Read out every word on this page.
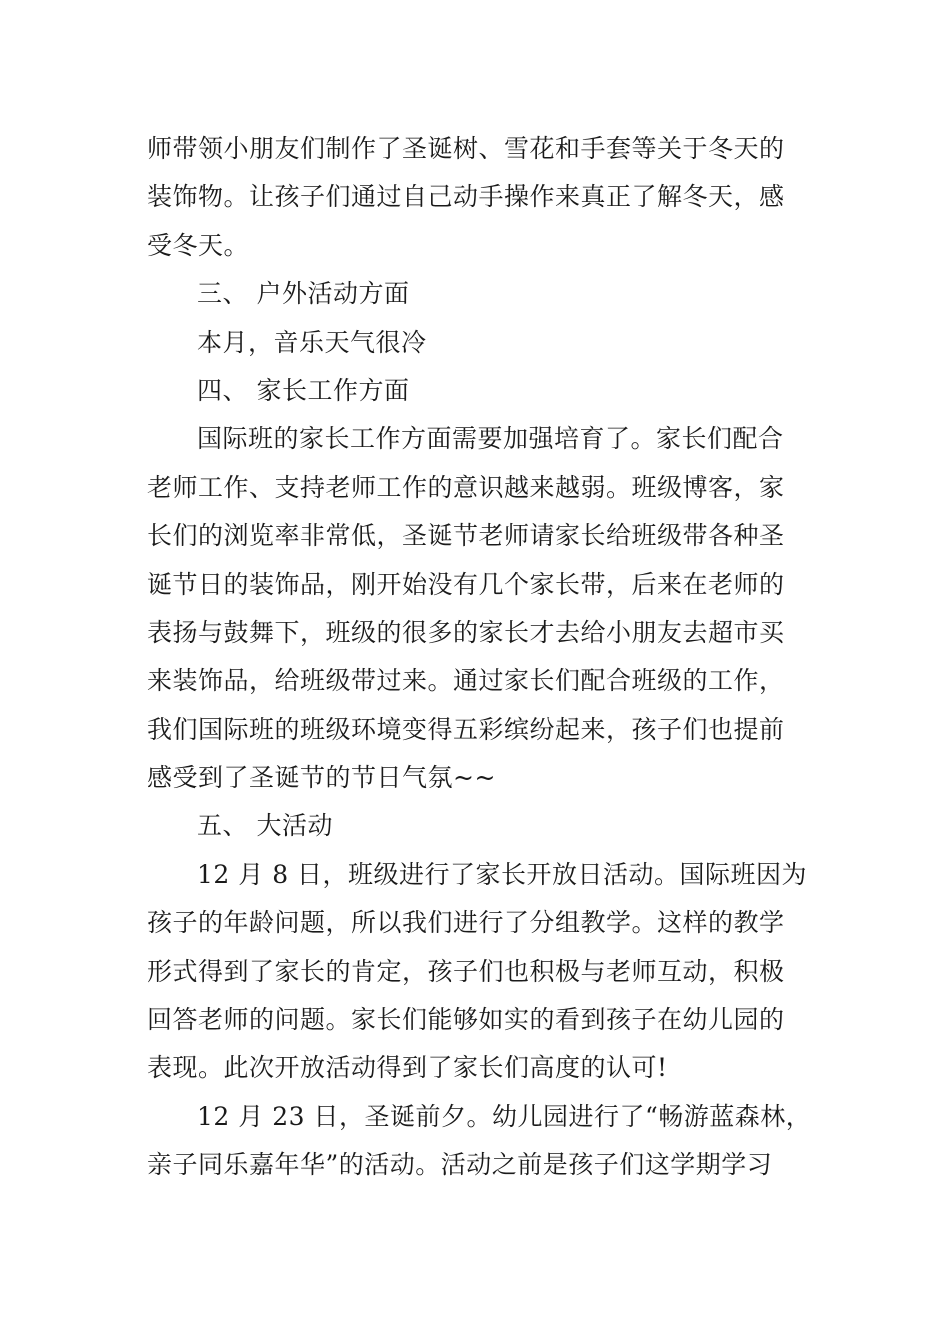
师带领小朋友们制作了圣诞树、雪花和手套等关于冬天的
装饰物。让孩子们通过自己动手操作来真正了解冬天，感
受冬天。
三、 户外活动方面
本月，音乐天气很冷
四、 家长工作方面
国际班的家长工作方面需要加强培育了。家长们配合
老师工作、支持老师工作的意识越来越弱。班级博客，家
长们的浏览率非常低，圣诞节老师请家长给班级带各种圣
诞节日的装饰品，刚开始没有几个家长带，后来在老师的
表扬与鼓舞下，班级的很多的家长才去给小朋友去超市买
来装饰品，给班级带过来。通过家长们配合班级的工作，
我们国际班的班级环境变得五彩缤纷起来，孩子们也提前
感受到了圣诞节的节日气氛~~
五、 大活动
12 月 8 日，班级进行了家长开放日活动。国际班因为
孩子的年龄问题，所以我们进行了分组教学。这样的教学
形式得到了家长的肯定，孩子们也积极与老师互动，积极
回答老师的问题。家长们能够如实的看到孩子在幼儿园的
表现。此次开放活动得到了家长们高度的认可!
12 月 23 日，圣诞前夕。幼儿园进行了“畅游蓝森林，
亲子同乐嘉年华”的活动。活动之前是孩子们这学期学习
